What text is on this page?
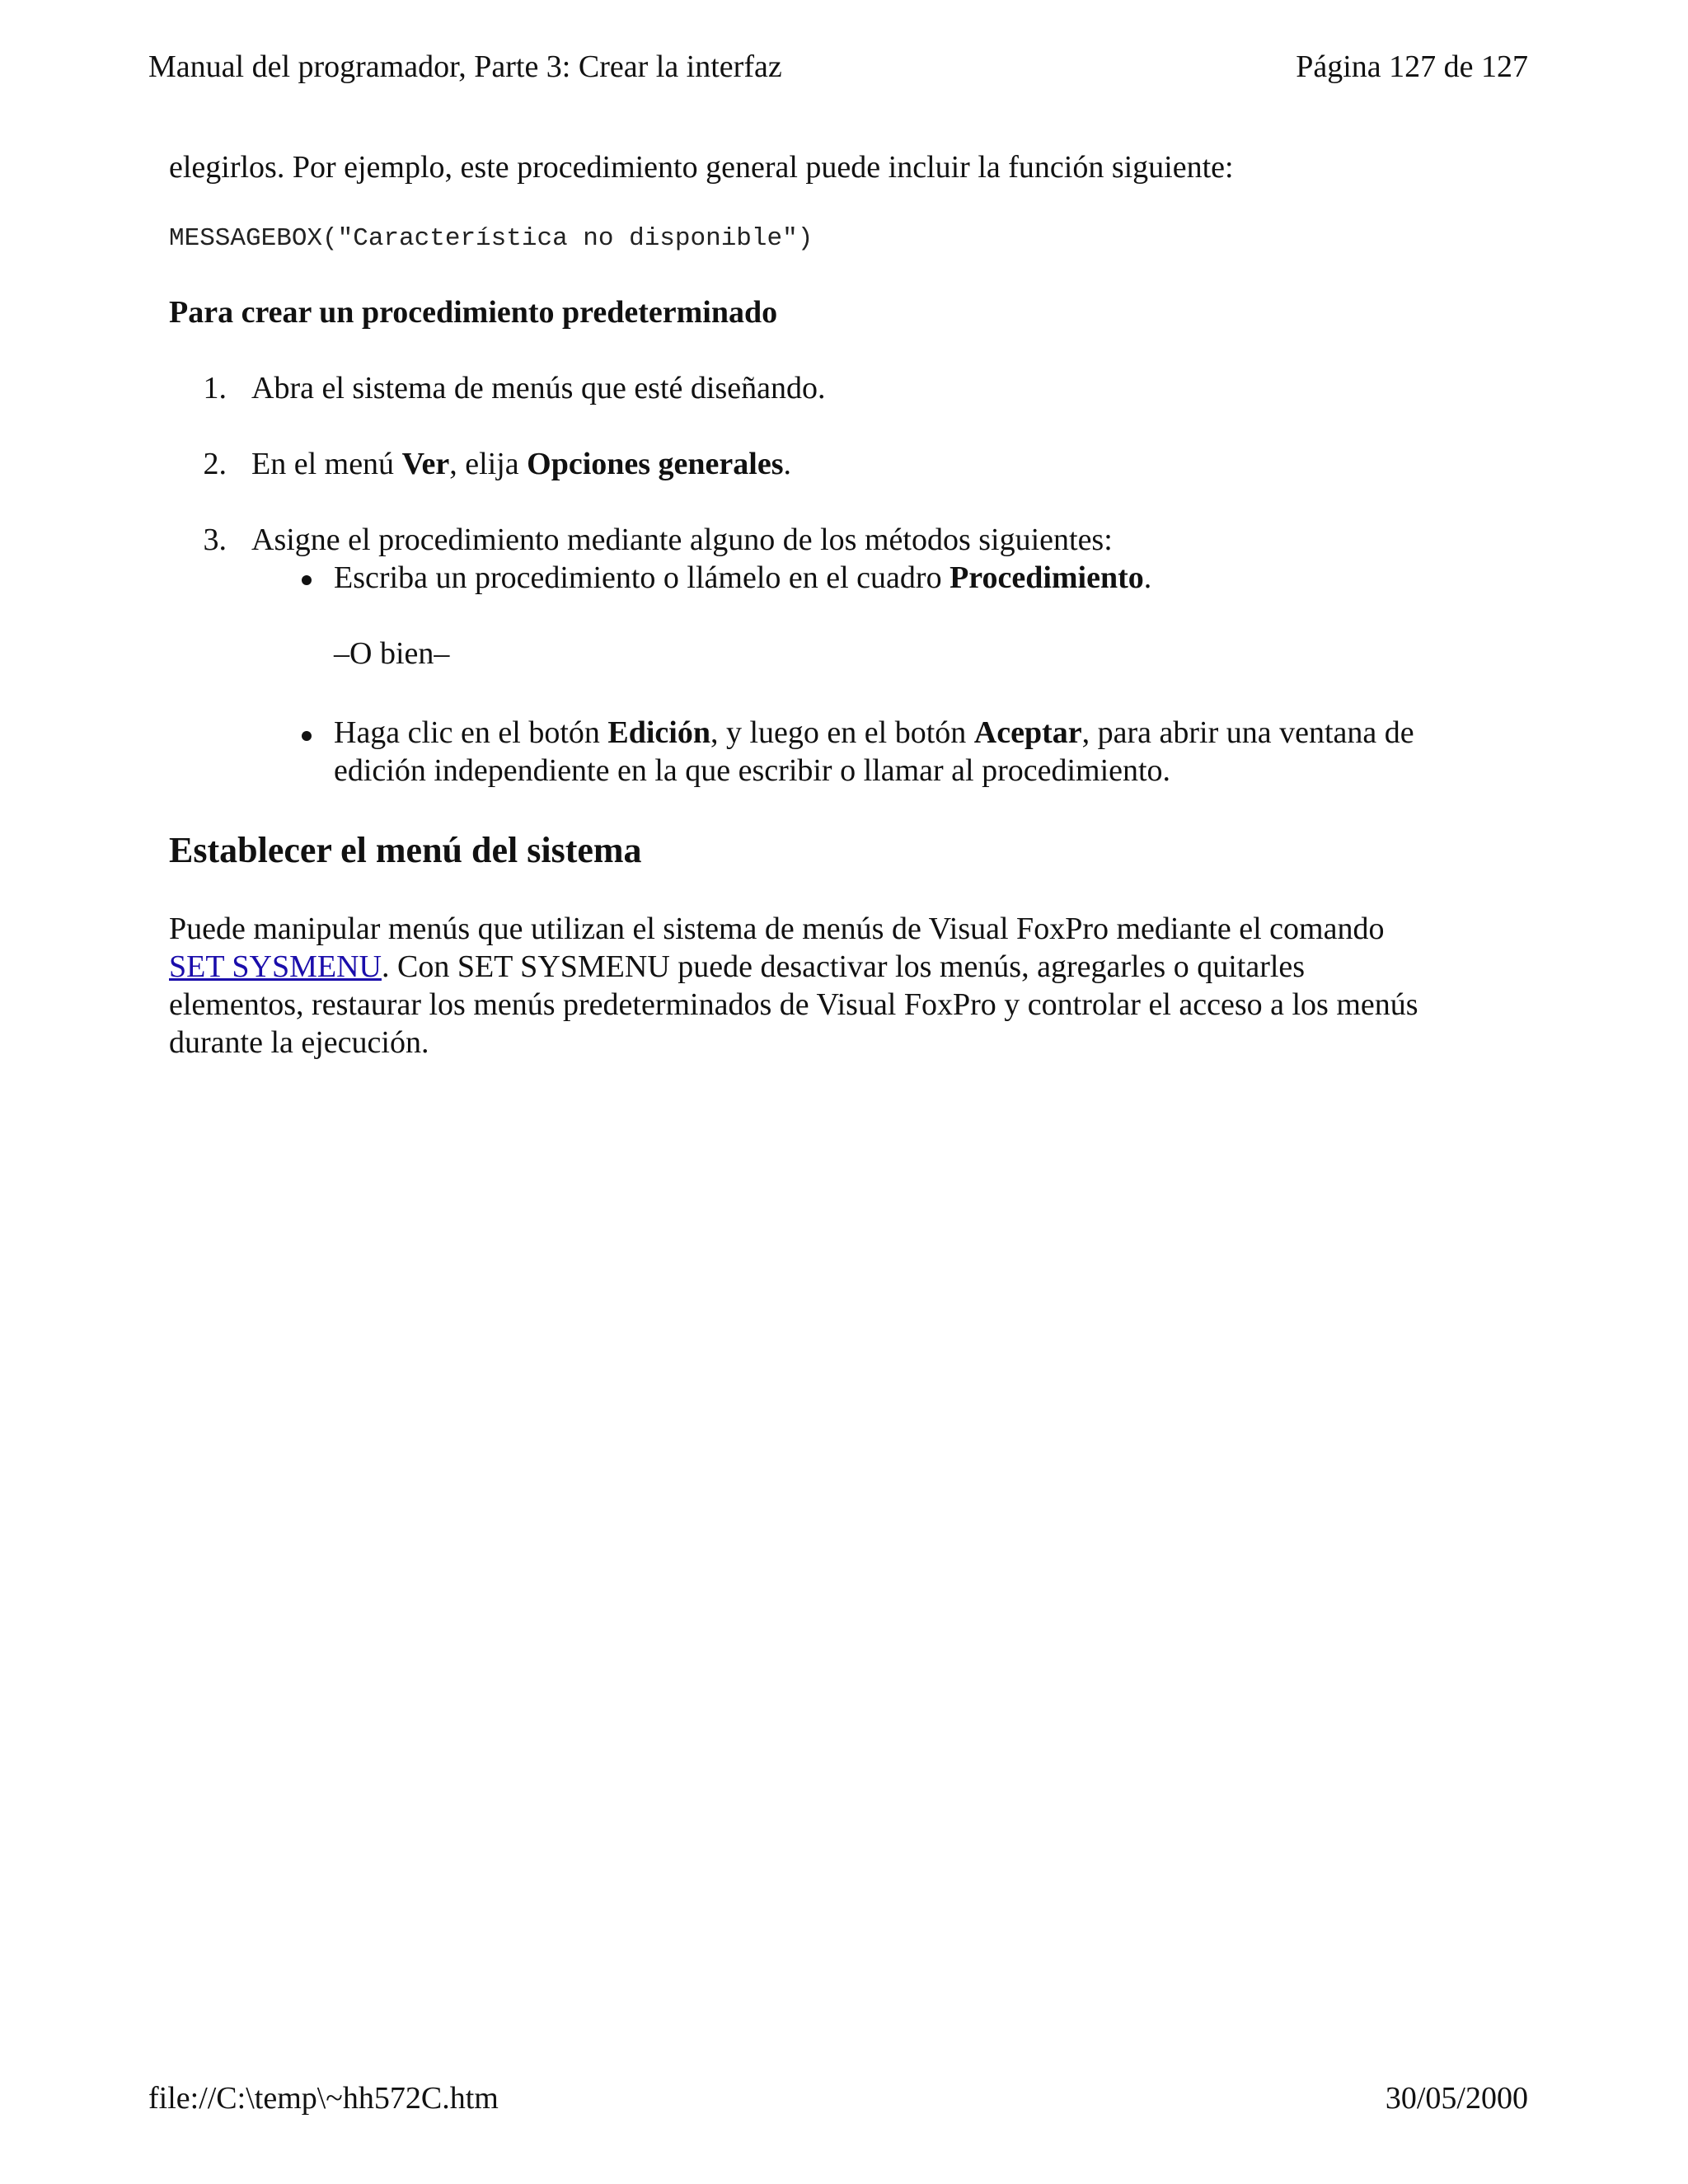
Manual del programador, Parte 3: Crear la interfaz	Página 127 de 127
elegirlos. Por ejemplo, este procedimiento general puede incluir la función siguiente:
MESSAGEBOX("Característica no disponible")
Para crear un procedimiento predeterminado
1. Abra el sistema de menús que esté diseñando.
2. En el menú Ver, elija Opciones generales.
3. Asigne el procedimiento mediante alguno de los métodos siguientes:
Escriba un procedimiento o llámelo en el cuadro Procedimiento.
–O bien–
Haga clic en el botón Edición, y luego en el botón Aceptar, para abrir una ventana de
edición independiente en la que escribir o llamar al procedimiento.
Establecer el menú del sistema
Puede manipular menús que utilizan el sistema de menús de Visual FoxPro mediante el comando
SET SYSMENU. Con SET SYSMENU puede desactivar los menús, agregarles o quitarles
elementos, restaurar los menús predeterminados de Visual FoxPro y controlar el acceso a los menús
durante la ejecución.
file://C:\temp\~hh572C.htm	30/05/2000
